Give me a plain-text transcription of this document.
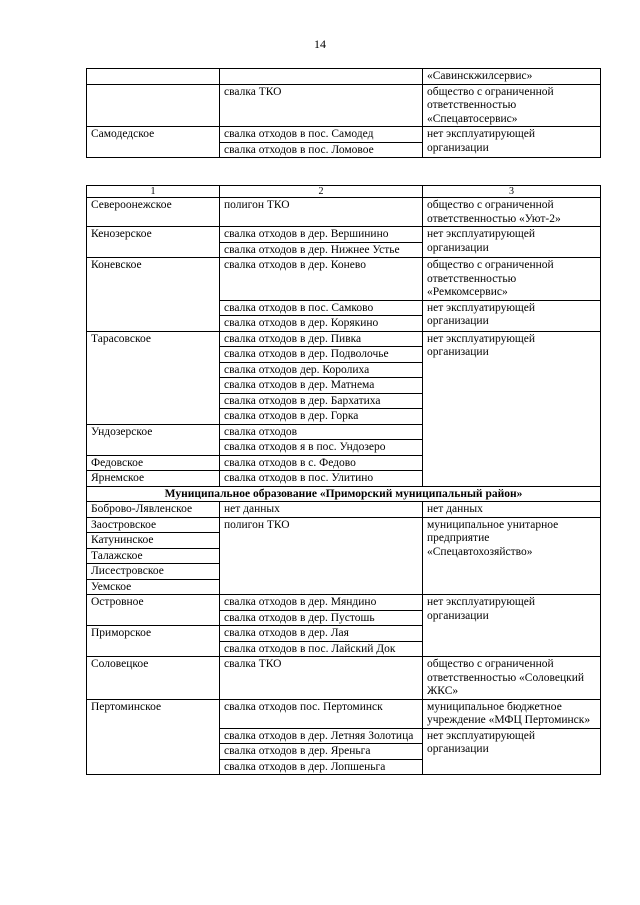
14
		«Савинскжилсервис»
	свалка ТКО	общество с ограниченной ответственностью «Спецавтосервис»
Самодедское	свалка отходов в пос. Самодед	нет эксплуатирующей организации
	свалка отходов в пос. Ломовое	
1	2	3
Североонежское	полигон ТКО	общество с ограниченной ответственностью «Уют-2»
Кенозерское	свалка отходов в дер. Вершинино	нет эксплуатирующей организации
	свалка отходов в дер. Нижнее Устье	
Коневское	свалка отходов в дер. Конево	общество с ограниченной ответственностью «Ремкомсервис»
	свалка отходов в пос. Самково	нет эксплуатирующей организации
	свалка отходов в дер. Корякино	
Тарасовское	свалка отходов в дер. Пивка	нет эксплуатирующей организации
	свалка отходов в дер. Подволочье	
	свалка отходов дер. Королиха	
	свалка отходов в дер. Матнема	
	свалка отходов в дер. Бархатиха	
	свалка отходов в дер. Горка	
Ундозерское	свалка отходов	
	свалка отходов я в пос. Ундозеро	
Федовское	свалка отходов в с. Федово	
Ярнемское	свалка отходов в пос. Улитино	
Муниципальное образование «Приморский муниципальный район»		
Боброво-Лявленское	нет данных	нет данных
Заостровское	полигон ТКО	муниципальное унитарное предприятие «Спецавтохозяйство»
Катунинское		
Талажское		
Лисестровское		
Уемское		
Островное	свалка отходов в дер. Мяндино	нет эксплуатирующей организации
	свалка отходов в дер. Пустошь	
Приморское	свалка отходов в дер. Лая	
	свалка отходов в пос. Лайский Док	
Соловецкое	свалка ТКО	общество с ограниченной ответственностью «Соловецкий ЖКС»
Пертоминское	свалка отходов пос. Пертоминск	муниципальное бюджетное учреждение «МФЦ Пертоминск»
	свалка отходов в дер. Летняя Золотица	нет эксплуатирующей организации
	свалка отходов в дер. Яреньга	
	свалка отходов в дер. Лопшеньга	
